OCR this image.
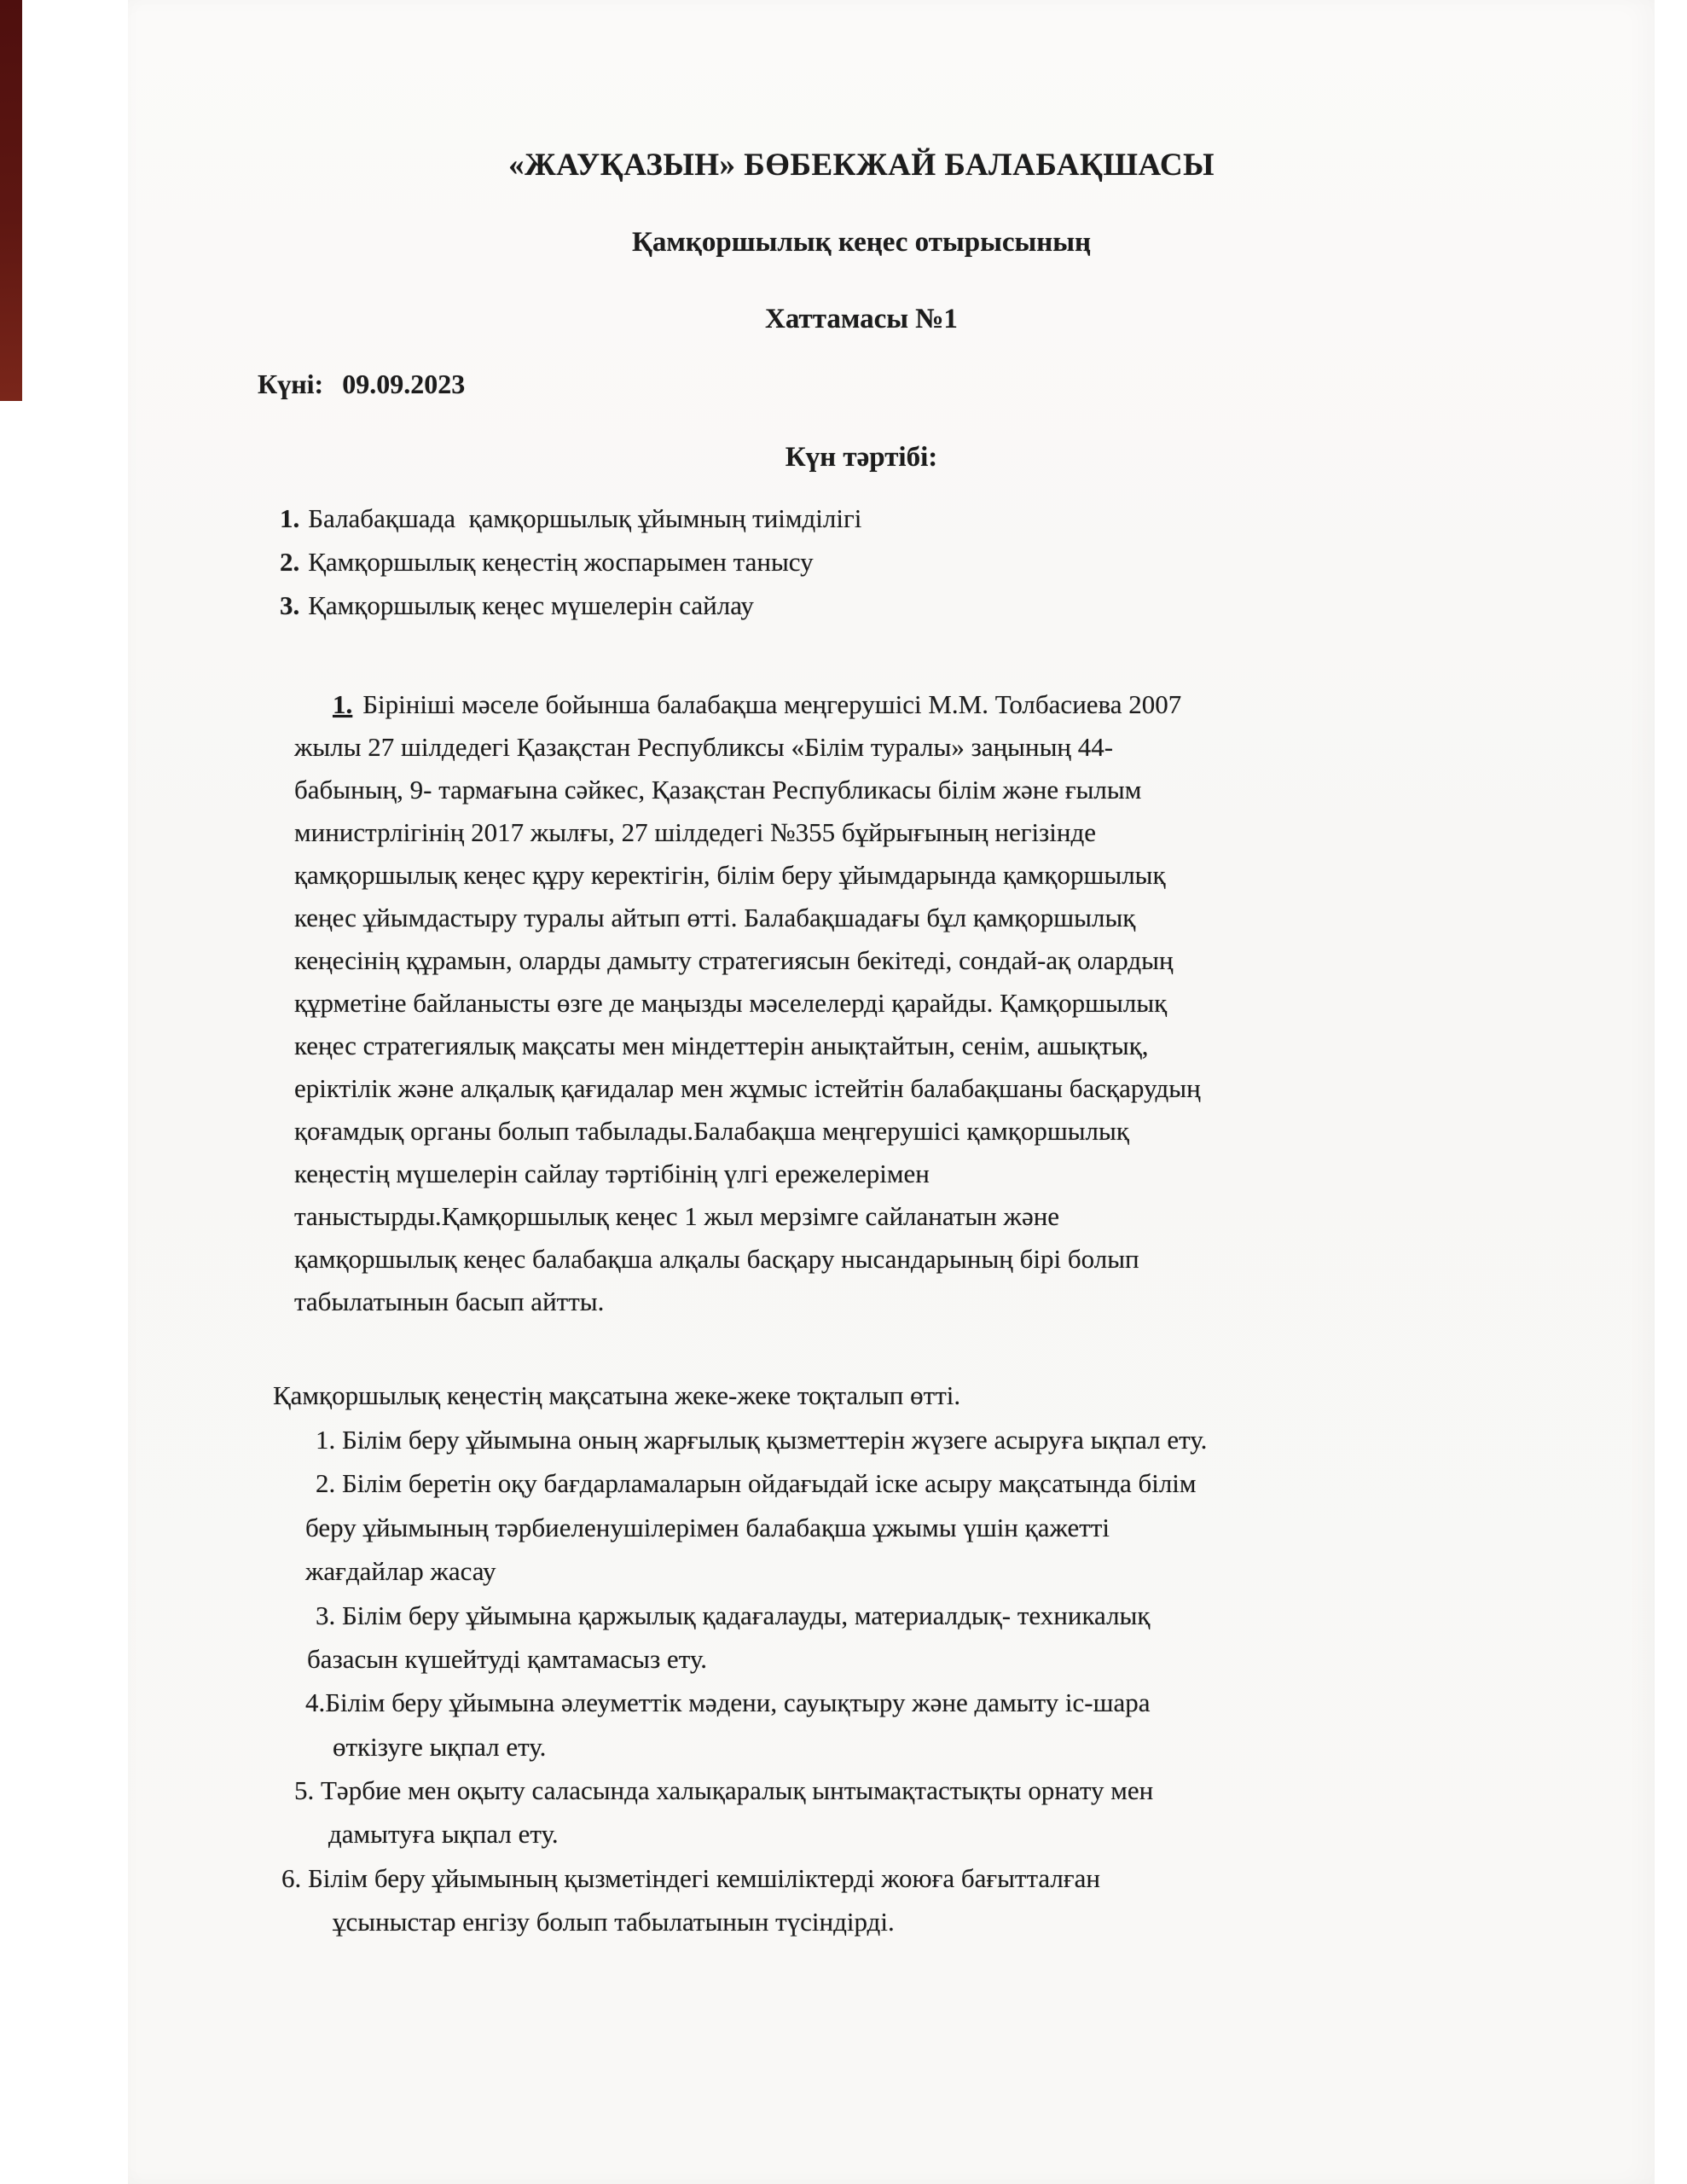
«ЖАУҚАЗЫН» БӨБЕКЖАЙ БАЛАБАҚШАСЫ
Қамқоршылық кеңес отырысының
Хаттамасы №1
Күні: 09.09.2023
Күн тәртібі:
1. Балабақшада  қамқоршылық ұйымның тиімділігі
2. Қамқоршылық кеңестің жоспарымен танысу
3. Қамқоршылық кеңес мүшелерін сайлау
1. Бірініші мәселе бойынша балабақша меңгерушісі М.М. Толбасиева 2007
жылы 27 шілдедегі Қазақстан Республиксы «Білім туралы» заңының 44-
бабының, 9- тармағына сәйкес, Қазақстан Республикасы білім және ғылым
министрлігінің 2017 жылғы, 27 шілдедегі №355 бұйрығының негізінде
қамқоршылық кеңес құру керектігін, білім беру ұйымдарында қамқоршылық
кеңес ұйымдастыру туралы айтып өтті. Балабақшадағы бұл қамқоршылық
кеңесінің құрамын, оларды дамыту стратегиясын бекітеді, сондай-ақ олардың
құрметіне байланысты өзге де маңызды мәселелерді қарайды. Қамқоршылық
кеңес стратегиялық мақсаты мен міндеттерін анықтайтын, сенім, ашықтық,
еріктілік және алқалық қағидалар мен жұмыс істейтін балабақшаны басқарудың
қоғамдық органы болып табылады.Балабақша меңгерушісі қамқоршылық
кеңестің мүшелерін сайлау тәртібінің үлгі ережелерімен
таныстырды.Қамқоршылық кеңес 1 жыл мерзімге сайланатын және
қамқоршылық кеңес балабақша алқалы басқару нысандарының бірі болып
табылатынын басып айтты.
Қамқоршылық кеңестің мақсатына жеке-жеке тоқталып өтті.
1. Білім беру ұйымына оның жарғылық қызметтерін жүзеге асыруға ықпал ету.
2. Білім беретін оқу бағдарламаларын ойдағыдай іске асыру мақсатында білім
беру ұйымының тәрбиеленушілерімен балабақша ұжымы үшін қажетті
жағдайлар жасау
3. Білім беру ұйымына қаржылық қадағалауды, материалдық- техникалық
базасын күшейтуді қамтамасыз ету.
4.Білім беру ұйымына әлеуметтік мәдени, сауықтыру және дамыту іс-шара
өткізуге ықпал ету.
5. Тәрбие мен оқыту саласында халықаралық ынтымақтастықты орнату мен
дамытуға ықпал ету.
6. Білім беру ұйымының қызметіндегі кемшіліктерді жоюға бағытталған
ұсыныстар енгізу болып табылатынын түсіндірді.
